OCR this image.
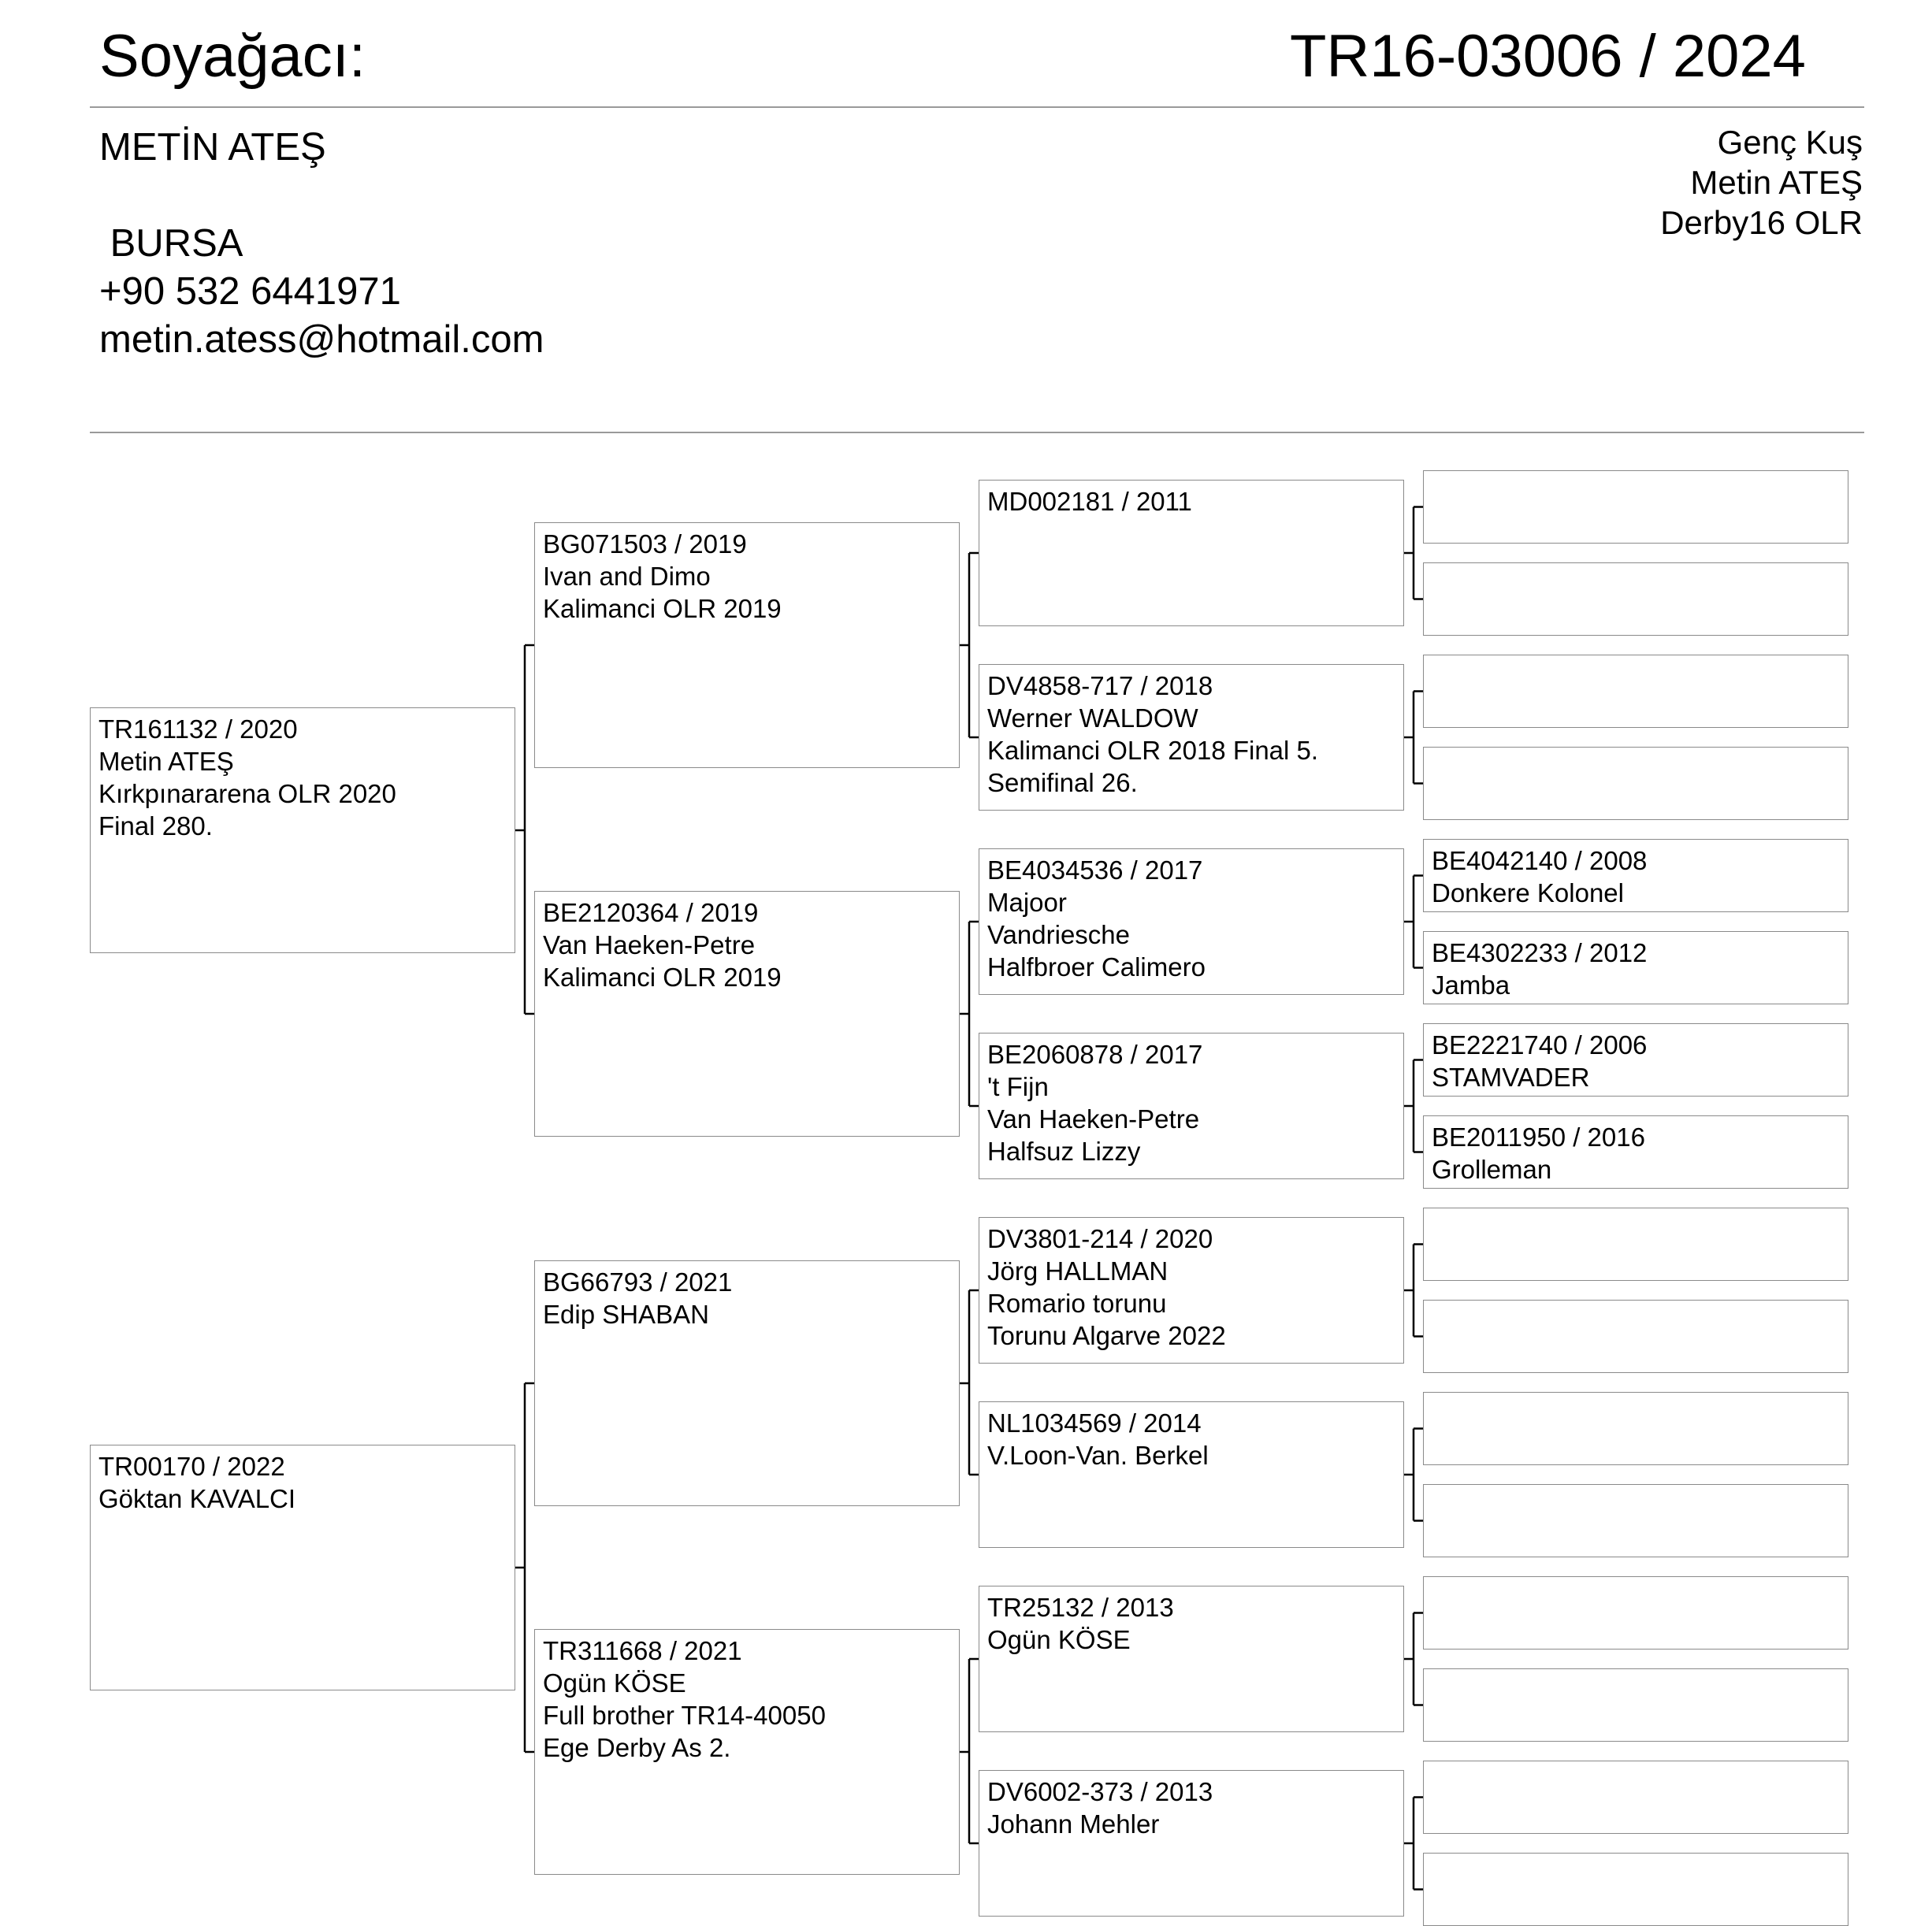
Soyağacı:	TR16-03006 / 2024
METİN ATEŞ
BURSA
+90 532 6441971
metin.atess@hotmail.com
Genç Kuş
Metin ATEŞ
Derby16 OLR
TR161132 / 2020
Metin ATEŞ
Kırkpınararena OLR 2020
Final 280.
TR00170 / 2022
Göktan KAVALCI
BG071503 / 2019
Ivan and Dimo
Kalimanci OLR 2019
BE2120364 / 2019
Van Haeken-Petre
Kalimanci OLR 2019
BG66793 / 2021
Edip SHABAN
TR311668 / 2021
Ogün KÖSE
Full brother TR14-40050
Ege Derby As 2.
MD002181 / 2011
DV4858-717 / 2018
Werner WALDOW
Kalimanci OLR 2018 Final 5.
Semifinal 26.
BE4034536 / 2017
Majoor
Vandriesche
Halfbroer Calimero
BE2060878 / 2017
't Fijn
Van Haeken-Petre
Halfsuz Lizzy
DV3801-214 / 2020
Jörg HALLMAN
Romario torunu
Torunu Algarve 2022
NL1034569 / 2014
V.Loon-Van. Berkel
TR25132 / 2013
Ogün KÖSE
DV6002-373 / 2013
Johann Mehler
BE4042140 / 2008
Donkere Kolonel
BE4302233 / 2012
Jamba
BE2221740 / 2006
STAMVADER
BE2011950 / 2016
Grolleman
